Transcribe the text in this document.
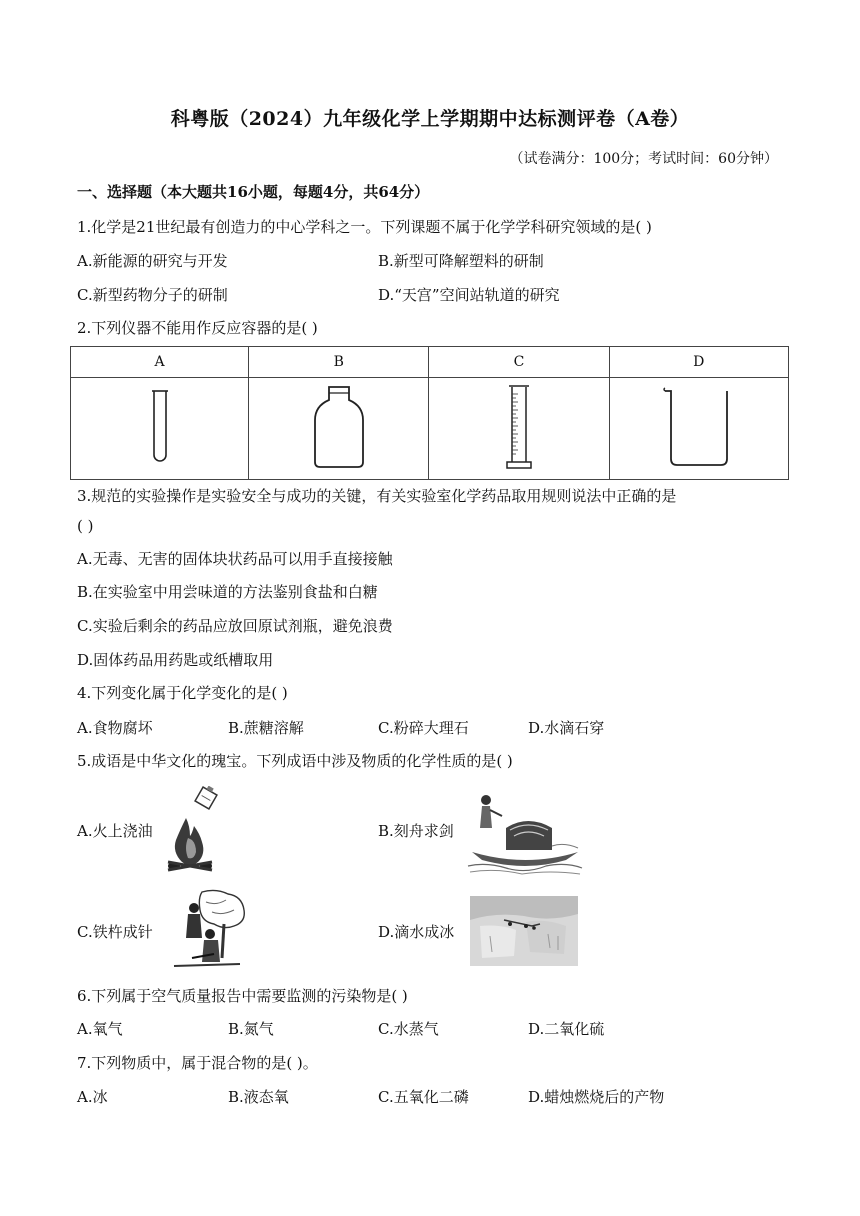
科粤版（2024）九年级化学上学期期中达标测评卷（A卷）
（试卷满分：100分；考试时间：60分钟）
一、选择题（本大题共16小题，每题4分，共64分）
1.化学是21世纪最有创造力的中心学科之一。下列课题不属于化学学科研究领域的是( )
A.新能源的研究与开发	B.新型可降解塑料的研制
C.新型药物分子的研制	D.“天宫”空间站轨道的研究
2.下列仪器不能用作反应容器的是( )
A	B	C	D

3.规范的实验操作是实验安全与成功的关键，有关实验室化学药品取用规则说法中正确的是
( )
A.无毒、无害的固体块状药品可以用手直接接触
B.在实验室中用尝味道的方法鉴别食盐和白糖
C.实验后剩余的药品应放回原试剂瓶，避免浪费
D.固体药品用药匙或纸槽取用
4.下列变化属于化学变化的是( )
A.食物腐坏	B.蔗糖溶解	C.粉碎大理石	D.水滴石穿
5.成语是中华文化的瑰宝。下列成语中涉及物质的化学性质的是( )
A.火上浇油	B.刻舟求剑
C.铁杵成针	D.滴水成冰
6.下列属于空气质量报告中需要监测的污染物是( )
A.氧气	B.氮气	C.水蒸气	D.二氧化硫
7.下列物质中，属于混合物的是( )。
A.冰	B.液态氧	C.五氧化二磷	D.蜡烛燃烧后的产物
